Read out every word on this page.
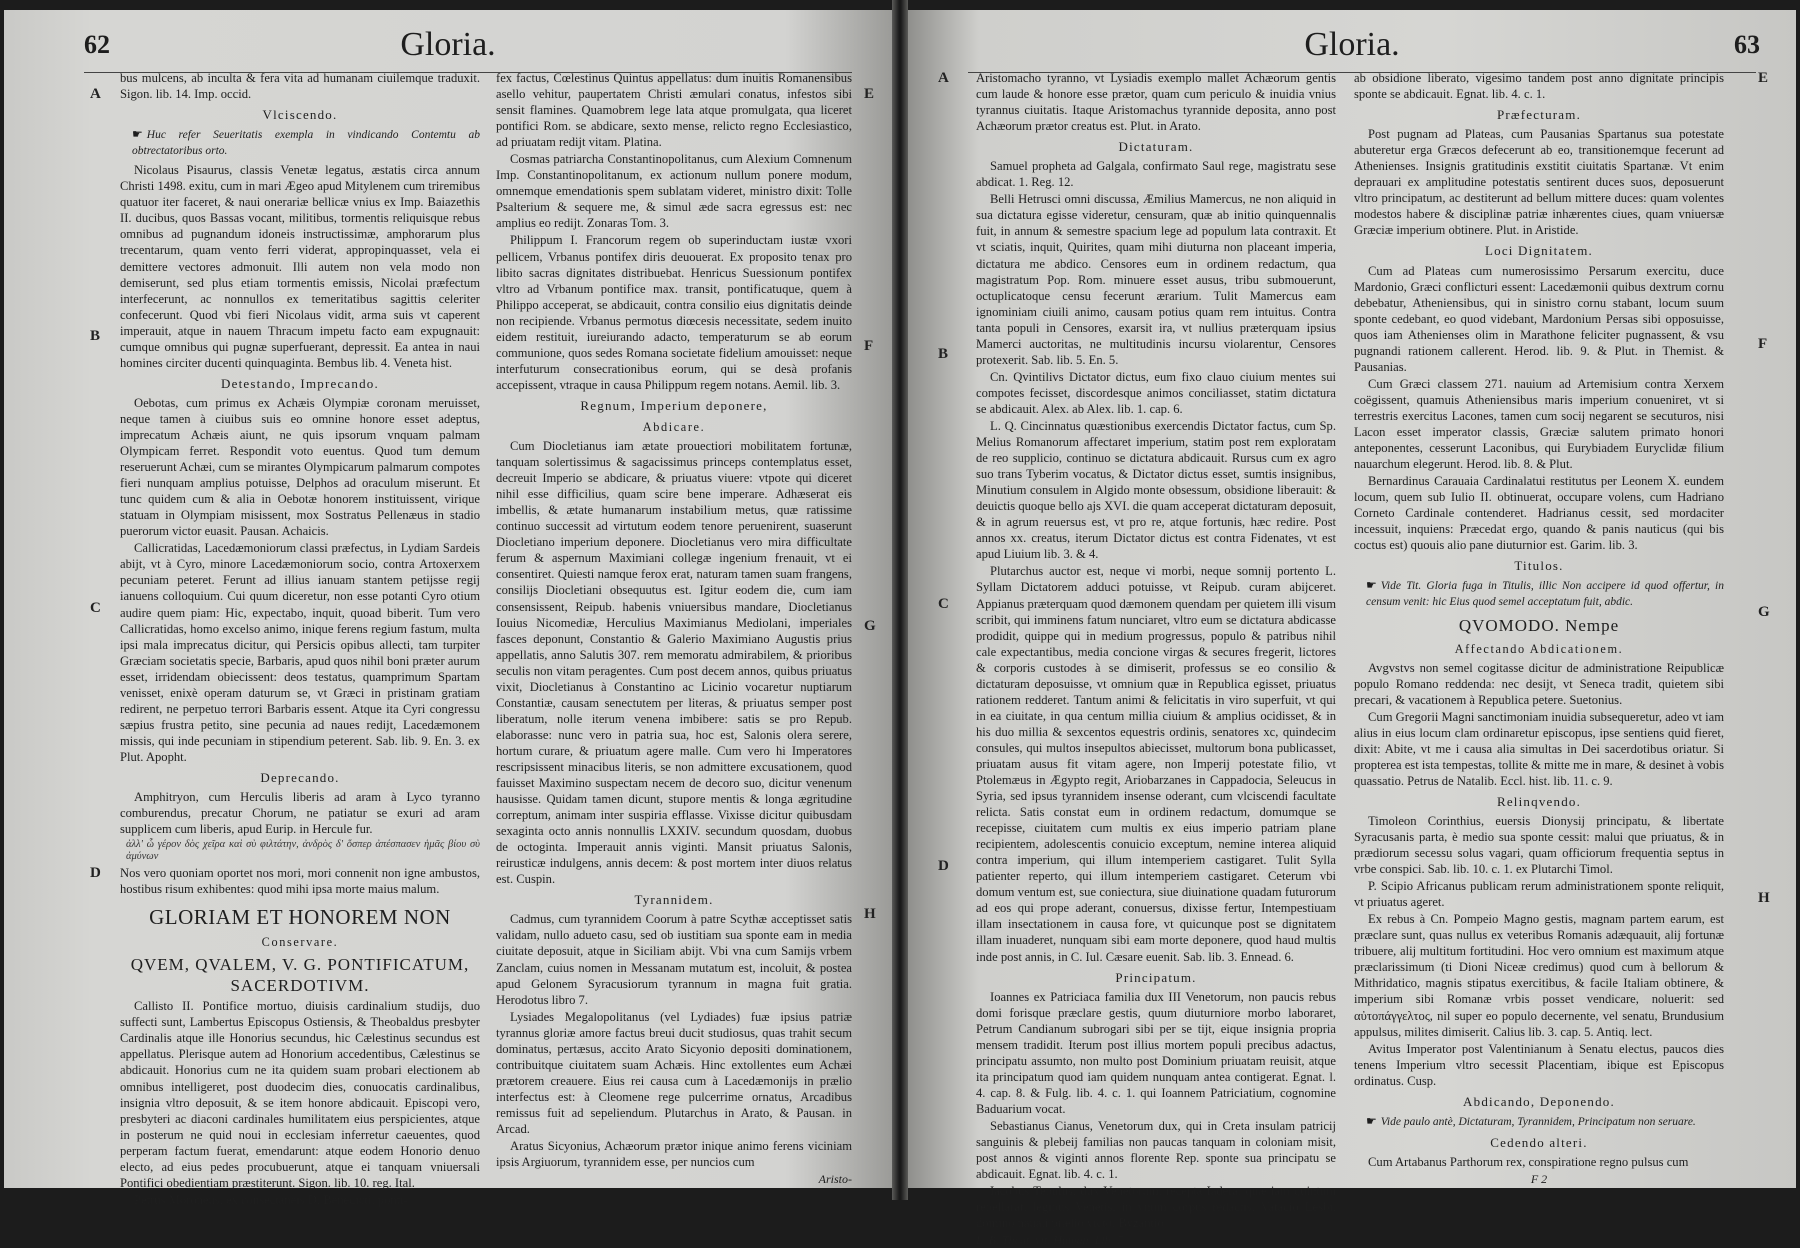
62	Gloria.
A
B
C
D
E
F
G
H

bus mulcens, ab inculta & fera vita ad humanam ciuilemque traduxit. Sigon. lib. 14. Imp. occid.

Vlciscendo.
☛ Huc refer Seueritatis exempla in vindicando Contemtu ab obtrectatoribus orto.

Nicolaus Pisaurus, classis Venetæ legatus, æstatis circa annum Christi 1498. exitu, cum in mari Ægeo apud Mitylenem cum triremibus quatuor iter faceret, & naui onerariæ bellicæ vnius ex Imp. Baiazethis II. ducibus, quos Bassas vocant, militibus, tormentis reliquisque rebus omnibus ad pugnandum idoneis instructissimæ, amphorarum plus trecentarum, quam vento ferri viderat, appropinquasset, vela ei demittere vectores admonuit. Illi autem non vela modo non demiserunt, sed plus etiam tormentis emissis, Nicolai præfectum interfecerunt, ac nonnullos ex temeritatibus sagittis celeriter confecerunt. Quod vbi fieri Nicolaus vidit, arma suis vt caperent imperauit, atque in nauem Thracum impetu facto eam expugnauit: cumque omnibus qui pugnæ superfuerant, depressit. Ea antea in naui homines circiter ducenti quinquaginta. Bembus lib. 4. Veneta hist.

Detestando, Imprecando.

Oebotas, cum primus ex Achæis Olympiæ coronam meruisset, neque tamen à ciuibus suis eo omnine honore esset adeptus, imprecatum Achæis aiunt, ne quis ipsorum vnquam palmam Olympicam ferret. Respondit voto euentus. Quod tum demum reseruerunt Achæi, cum se mirantes Olympicarum palmarum compotes fieri nunquam amplius potuisse, Delphos ad oraculum miserunt. Et tunc quidem cum & alia in Oebotæ honorem instituissent, virique statuam in Olympiam misissent, mox Sostratus Pellenæus in stadio puerorum victor euasit. Pausan. Achaicis.

Callicratidas, Lacedæmoniorum classi præfectus, in Lydiam Sardeis abijt, vt à Cyro, minore Lacedæmoniorum socio, contra Artoxerxem pecuniam peteret. Ferunt ad illius ianuam stantem petijsse regij ianuens colloquium. Cui quum diceretur, non esse potanti Cyro otium audire quem piam: Hic, expectabo, inquit, quoad biberit. Tum vero Callicratidas, homo excelso animo, inique ferens regium fastum, multa ipsi mala imprecatus dicitur, qui Persicis opibus allecti, tam turpiter Græciam societatis specie, Barbaris, apud quos nihil boni præter aurum esset, irridendam obiecissent: deos testatus, quamprimum Spartam venisset, enixè operam daturum se, vt Græci in pristinam gratiam redirent, ne perpetuo terrori Barbaris essent. Atque ita Cyri congressu sæpius frustra petito, sine pecunia ad naues redijt, Lacedæmonem missis, qui inde pecuniam in stipendium peterent. Sab. lib. 9. En. 3. ex Plut. Apopht.

Deprecando.

Amphitryon, cum Herculis liberis ad aram à Lyco tyranno comburendus, precatur Chorum, ne patiatur se exuri ad aram supplicem cum liberis, apud Eurip. in Hercule fur.

ἀλλ' ὧ γέρον δὸς χεῖρα καὶ σὺ φιλτάτην, ἀνδρὸς δ' ὅσπερ ἀπέσπασεν ἡμᾶς βίου σὺ ἀμύνων

Nos vero quoniam oportet nos mori, mori connenit non igne ambustos, hostibus risum exhibentes: quod mihi ipsa morte maius malum.

GLORIAM ET HONOREM NON
Conservare.
QVEM, QVALEM, V. G. PONTIFICATUM, SACERDOTIVM.

Callisto II. Pontifice mortuo, diuisis cardinalium studijs, duo suffecti sunt, Lambertus Episcopus Ostiensis, & Theobaldus presbyter Cardinalis atque ille Honorius secundus, hic Cælestinus secundus est appellatus. Plerisque autem ad Honorium accedentibus, Cælestinus se abdicauit. Honorius cum ne ita quidem suam probari electionem ab omnibus intelligeret, post duodecim dies, conuocatis cardinalibus, insignia vltro deposuit, & se item honore abdicauit. Episcopi vero, presbyteri ac diaconi cardinales humilitatem eius perspicientes, atque in posterum ne quid noui in ecclesiam inferretur caeuentes, quod perperam factum fuerat, emendarunt: atque eodem Honorio denuo electo, ad eius pedes procubuerunt, atque ei tanquam vniuersali Pontifici obedientiam præstiterunt. Sigon. lib. 10. reg. Ital.

Petrus Moroneus, ex consectaneis D. Benedicti, ponti-

fex factus, Cœlestinus Quintus appellatus: dum inuitis Romanensibus asello vehitur, paupertatem Christi æmulari conatus, infestos sibi sensit flamines. Quamobrem lege lata atque promulgata, qua liceret pontifici Rom. se abdicare, sexto mense, relicto regno Ecclesiastico, ad priuatam redijt vitam. Platina.

Cosmas patriarcha Constantinopolitanus, cum Alexium Comnenum Imp. Constantinopolitanum, ex actionum nullum ponere modum, omnemque emendationis spem sublatam videret, ministro dixit: Tolle Psalterium & sequere me, & simul æde sacra egressus est: nec amplius eo redijt. Zonaras Tom. 3.

Philippum I. Francorum regem ob superinductam iustæ vxori pellicem, Vrbanus pontifex diris deuouerat. Ex proposito tenax pro libito sacras dignitates distribuebat. Henricus Suessionum pontifex vltro ad Vrbanum pontifice max. transit, pontificatuque, quem à Philippo acceperat, se abdicauit, contra consilio eius dignitatis deinde non recipiende. Vrbanus permotus diœcesis necessitate, sedem inuito eidem restituit, iureiurando adacto, temperaturum se ab eorum communione, quos sedes Romana societate fidelium amouisset: neque interfuturum consecrationibus eorum, qui se desà profanis accepissent, vtraque in causa Philippum regem notans. Aemil. lib. 3.

Regnum, Imperium deponere,
Abdicare.

Cum Diocletianus iam ætate prouectiori mobilitatem fortunæ, tanquam solertissimus & sagacissimus princeps contemplatus esset, decreuit Imperio se abdicare, & priuatus viuere: vtpote qui diceret nihil esse difficilius, quam scire bene imperare. Adhæserat eis imbellis, & ætate humanarum instabilium metus, quæ ratissime continuo successit ad virtutum eodem tenore peruenirent, suaserunt Diocletiano imperium deponere. Diocletianus vero mira difficultate ferum & aspernum Maximiani collegæ ingenium frenauit, vt ei consentiret. Quiesti namque ferox erat, naturam tamen suam frangens, consilijs Diocletiani obsequutus est. Igitur eodem die, cum iam consensissent, Reipub. habenis vniuersibus mandare, Diocletianus Iouius Nicomediæ, Herculius Maximianus Mediolani, imperiales fasces deponunt, Constantio & Galerio Maximiano Augustis prius appellatis, anno Salutis 307. rem memoratu admirabilem, & prioribus seculis non vitam peragentes. Cum post decem annos, quibus priuatus vixit, Diocletianus à Constantino ac Licinio vocaretur nuptiarum Constantiæ, causam senectutem per literas, & priuatus semper post liberatum, nolle iterum venena imbibere: satis se pro Repub. elaborasse: nunc vero in patria sua, hoc est, Salonis olera serere, hortum curare, & priuatum agere malle. Cum vero hi Imperatores rescripsissent minacibus literis, se non admittere excusationem, quod fauisset Maximino suspectam necem de decoro suo, dicitur venenum hausisse. Quidam tamen dicunt, stupore mentis & longa ægritudine correptum, animam inter suspiria efflasse. Vixisse dicitur quibusdam sexaginta octo annis nonnullis LXXIV. secundum quosdam, duobus de octoginta. Imperauit annis viginti. Mansit priuatus Salonis, reirusticæ indulgens, annis decem: & post mortem inter diuos relatus est. Cuspin.

Tyrannidem.

Cadmus, cum tyrannidem Coorum à patre Scythæ acceptisset satis validam, nullo adueto casu, sed ob iustitiam sua sponte eam in media ciuitate deposuit, atque in Siciliam abijt. Vbi vna cum Samijs vrbem Zanclam, cuius nomen in Messanam mutatum est, incoluit, & postea apud Gelonem Syracusiorum tyrannum in magna fuit gratia. Herodotus libro 7.

Lysiades Megalopolitanus (vel Lydiades) fuæ ipsius patriæ tyrannus gloriæ amore factus breui ducit studiosus, quas trahit secum dominatus, pertæsus, accito Arato Sicyonio depositi dominationem, contribuitque ciuitatem suam Achæis. Hinc extollentes eum Achæi prætorem creauere. Eius rei causa cum à Lacedæmonijs in prælio interfectus est: à Cleomene rege pulcerrime ornatus, Arcadibus remissus fuit ad sepeliendum. Plutarchus in Arato, & Pausan. in Arcad.

Aratus Sicyonius, Achæorum prætor inique animo ferens viciniam ipsis Argiuorum, tyrannidem esse, per nuncios cum

Aristo-
Gloria.	63
A
B
C
D
E
F
G
H

Aristomacho tyranno, vt Lysiadis exemplo mallet Achæorum gentis cum laude & honore esse prætor, quam cum periculo & inuidia vnius tyrannus ciuitatis. Itaque Aristomachus tyrannide deposita, anno post Achæorum prætor creatus est. Plut. in Arato.

Dictaturam.

Samuel propheta ad Galgala, confirmato Saul rege, magistratu sese abdicat. 1. Reg. 12.

Belli Hetrusci omni discussa, Æmilius Mamercus, ne non aliquid in sua dictatura egisse videretur, censuram, quæ ab initio quinquennalis fuit, in annum & semestre spacium lege ad populum lata contraxit. Et vt sciatis, inquit, Quirites, quam mihi diuturna non placeant imperia, dictatura me abdico. Censores eum in ordinem redactum, qua magistratum Pop. Rom. minuere esset ausus, tribu submouerunt, octuplicatoque censu fecerunt ærarium. Tulit Mamercus eam ignominiam ciuili animo, causam potius quam rem intuitus. Contra tanta populi in Censores, exarsit ira, vt nullius præterquam ipsius Mamerci auctoritas, ne multitudinis incursu violarentur, Censores protexerit. Sab. lib. 5. En. 5.

Cn. Qvintilivs Dictator dictus, eum fixo clauo ciuium mentes sui compotes fecisset, discordesque animos conciliasset, statim dictatura se abdicauit. Alex. ab Alex. lib. 1. cap. 6.

L. Q. Cincinnatus quæstionibus exercendis Dictator factus, cum Sp. Melius Romanorum affectaret imperium, statim post rem exploratam de reo supplicio, continuo se dictatura abdicauit. Rursus cum ex agro suo trans Tyberim vocatus, & Dictator dictus esset, sumtis insignibus, Minutium consulem in Algido monte obsessum, obsidione liberauit: & deuictis quoque bello ajs XVI. die quam acceperat dictaturam deposuit, & in agrum reuersus est, vt pro re, atque fortunis, hæc redire. Post annos xx. creatus, iterum Dictator dictus est contra Fidenates, vt est apud Liuium lib. 3. & 4.

Plutarchus auctor est, neque vi morbi, neque somnij portento L. Syllam Dictatorem adduci potuisse, vt Reipub. curam abijceret. Appianus præterquam quod dæmonem quendam per quietem illi visum scribit, qui imminens fatum nunciaret, vltro eum se dictatura abdicasse prodidit, quippe qui in medium progressus, populo & patribus nihil cale expectantibus, media concione virgas & secures fregerit, lictores & corporis custodes à se dimiserit, professus se eo consilio & dictaturam deposuisse, vt omnium quæ in Republica egisset, priuatus rationem redderet. Tantum animi & felicitatis in viro superfuit, vt qui in ea ciuitate, in qua centum millia ciuium & amplius ocidisset, & in his duo millia & sexcentos equestris ordinis, senatores xc, quindecim consules, qui multos insepultos abiecisset, multorum bona publicasset, priuatam ausus fit vitam agere, non Imperij potestate filio, vt Ptolemæus in Ægypto regit, Ariobarzanes in Cappadocia, Seleucus in Syria, sed ipsus tyrannidem insense oderant, cum vlciscendi facultate relicta. Satis constat eum in ordinem redactum, domumque se recepisse, ciuitatem cum multis ex eius imperio patriam plane recipientem, adolescentis conuicio exceptum, nemine interea aliquid contra imperium, qui illum intemperiem castigaret. Tulit Sylla patienter reperto, qui illum intemperiem castigaret. Ceterum vbi domum ventum est, sue coniectura, siue diuinatione quadam futurorum ad eos qui prope aderant, conuersus, dixisse fertur, Intempestiuam illam insectationem in causa fore, vt quicunque post se dignitatem illam inuaderet, nunquam sibi eam morte deponere, quod haud multis inde post annis, in C. Iul. Cæsare euenit. Sab. lib. 3. Ennead. 6.

Principatum.

Ioannes ex Patriciaca familia dux III Venetorum, non paucis rebus domi forisque præclare gestis, quum diuturniore morbo laboraret, Petrum Candianum subrogari sibi per se tijt, eique insignia propria mensem tradidit. Iterum post illius mortem populi precibus adactus, principatu assumto, non multo post Dominium priuatam reuisit, atque ita principatum quod iam quidem nunquam antea contigerat. Egnat. l. 4. cap. 8. & Fulg. lib. 4. c. 1. qui Ioannem Patriciatium, cognomine Baduarium vocat.

Sebastianus Cianus, Venetorum dux, qui in Creta insulam patricij sanguinis & plebeij familias non paucas tanquam in coloniam misit, post annos & viginti annos florente Rep. sponte sua principatu se abdicauit. Egnat. lib. 4. c. 1.

Iacobus Tepulus, dux Venetorum, recepta Iadera, quæ iam quintum rebellarat, legibus Venetis, in vnum corpus redactis, Vatacio Lesbi, domino nauali prælio victo, Byzantio

L. B. Theat. vit. Human. Lib. 7.

ab obsidione liberato, vigesimo tandem post anno dignitate principis sponte se abdicauit. Egnat. lib. 4. c. 1.

Præfecturam.

Post pugnam ad Plateas, cum Pausanias Spartanus sua potestate abuteretur erga Græcos defecerunt ab eo, transitionemque fecerunt ad Athenienses. Insignis gratitudinis exstitit ciuitatis Spartanæ. Vt enim deprauari ex amplitudine potestatis sentirent duces suos, deposuerunt vltro principatum, ac destiterunt ad bellum mittere duces: quam volentes modestos habere & disciplinæ patriæ inhærentes ciues, quam vniuersæ Græciæ imperium obtinere. Plut. in Aristide.

Loci Dignitatem.

Cum ad Plateas cum numerosissimo Persarum exercitu, duce Mardonio, Græci conflicturi essent: Lacedæmonii quibus dextrum cornu debebatur, Atheniensibus, qui in sinistro cornu stabant, locum suum sponte cedebant, eo quod videbant, Mardonium Persas sibi opposuisse, quos iam Athenienses olim in Marathone feliciter pugnassent, & vsu pugnandi rationem callerent. Herod. lib. 9. & Plut. in Themist. & Pausanias.

Cum Græci classem 271. nauium ad Artemisium contra Xerxem coëgissent, quamuis Atheniensibus maris imperium conueniret, vt si terrestris exercitus Lacones, tamen cum socij negarent se secuturos, nisi Lacon esset imperator classis, Græciæ salutem primato honori anteponentes, cesserunt Laconibus, qui Eurybiadem Euryclidæ filium nauarchum elegerunt. Herod. lib. 8. & Plut.

Bernardinus Carauaia Cardinalatui restitutus per Leonem X. eundem locum, quem sub Iulio II. obtinuerat, occupare volens, cum Hadriano Corneto Cardinale contenderet. Hadrianus cessit, sed mordaciter incessuit, inquiens: Præcedat ergo, quando & panis nauticus (qui bis coctus est) quouis alio pane diuturnior est. Garim. lib. 3.

Titulos.
☛ Vide Tit. Gloria fuga in Titulis, illic Non accipere id quod offertur, in censum venit: hic Eius quod semel acceptatum fuit, abdic.
QVOMODO. Nempe
Affectando Abdicationem.

Avgvstvs non semel cogitasse dicitur de administratione Reipublicæ populo Romano reddenda: nec desijt, vt Seneca tradit, quietem sibi precari, & vacationem à Republica petere. Suetonius.

Cum Gregorii Magni sanctimoniam inuidia subsequeretur, adeo vt iam alius in eius locum clam ordinaretur episcopus, ipse sentiens quid fieret, dixit: Abite, vt me i causa alia simultas in Dei sacerdotibus oriatur. Si propterea est ista tempestas, tollite & mitte me in mare, & desinet à vobis quassatio. Petrus de Natalib. Eccl. hist. lib. 11. c. 9.

Relinqvendo.

Timoleon Corinthius, euersis Dionysij principatu, & libertate Syracusanis parta, è medio sua sponte cessit: malui que priuatus, & in prædiorum secessu solus vagari, quam officiorum frequentia septus in vrbe conspici. Sab. lib. 10. c. 1. ex Plutarchi Timol.

P. Scipio Africanus publicam rerum administrationem sponte reliquit, vt priuatus ageret.

Ex rebus à Cn. Pompeio Magno gestis, magnam partem earum, est præclare sunt, quas nullus ex veteribus Romanis adæquauit, alij fortunæ tribuere, alij multitum fortitudini. Hoc vero omnium est maximum atque præclarissimum (ti Dioni Niceæ credimus) quod cum à bellorum & Mithridatico, magnis stipatus exercitibus, & facile Italiam obtinere, & imperium sibi Romanæ vrbis posset vendicare, noluerit: sed αὐτοπάγγελτος, nil super eo populo decernente, vel senatu, Brundusium appulsus, milites dimiserit. Calius lib. 3. cap. 5. Antiq. lect.

Avitus Imperator post Valentinianum à Senatu electus, paucos dies tenens Imperium vltro secessit Placentiam, ibique est Episcopus ordinatus. Cusp.

Abdicando, Deponendo.
☛ Vide paulo antè, Dictaturam, Tyrannidem, Principatum non seruare.
Cedendo alteri.

Cum Artabanus Parthorum rex, conspiratione regno pulsus cum

F 2
